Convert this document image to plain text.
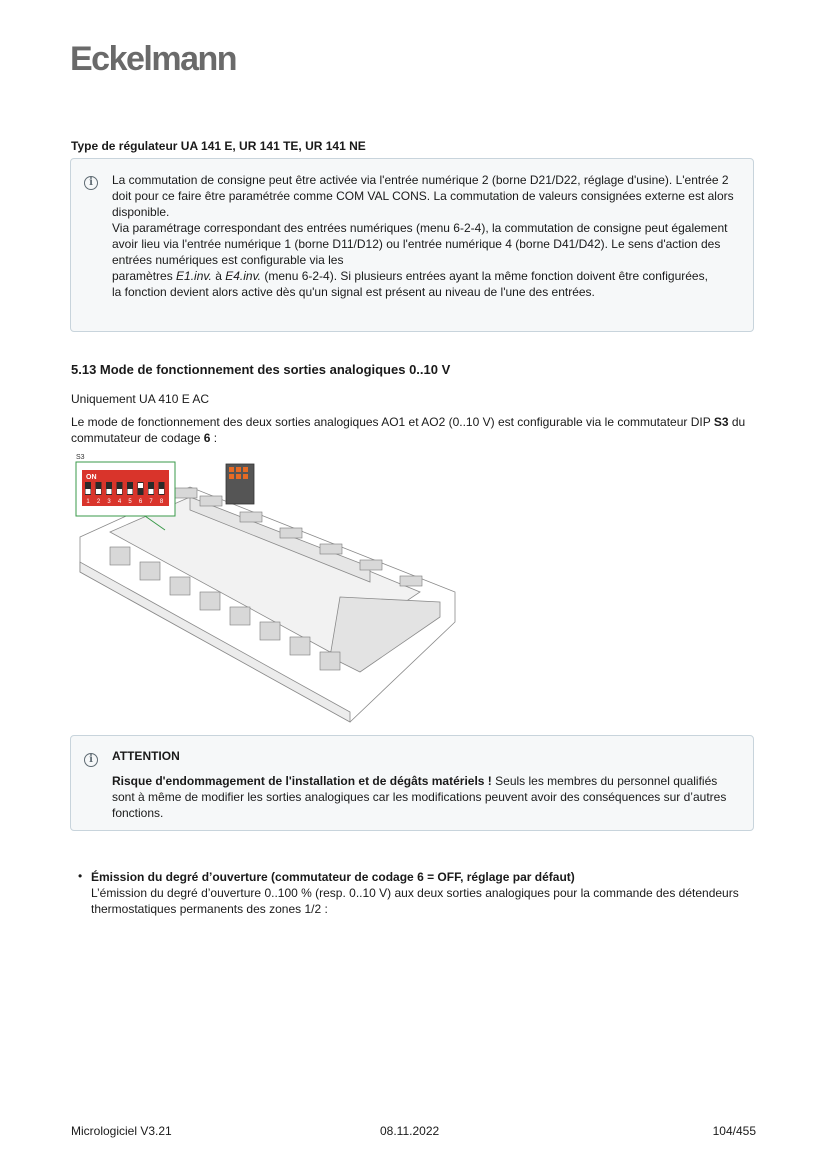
Eckelmann
Type de régulateur UA 141 E, UR 141 TE, UR 141 NE
i	La commutation de consigne peut être activée via l'entrée numérique 2 (borne D21/D22, réglage d'usine). L'entrée 2 doit pour ce faire être paramétrée comme COM VAL CONS. La commutation de valeurs consignées externe est alors disponible.

Via paramétrage correspondant des entrées numériques (menu 6-2-4), la commutation de consigne peut également avoir lieu via l'entrée numérique 1 (borne D11/D12) ou l'entrée numérique 4 (borne D41/D42). Le sens d'action des entrées numériques est configurable via les

paramètres E1.inv. à E4.inv. (menu 6-2-4). Si plusieurs entrées ayant la même fonction doivent être configurées,

la fonction devient alors active dès qu'un signal est présent au niveau de l'une des entrées.

5.13 Mode de fonctionnement des sorties analogiques 0..10 V
Uniquement UA 410 E AC
Le mode de fonctionnement des deux sorties analogiques AO1 et AO2 (0..10 V) est configurable via le commutateur DIP S3 du commutateur de codage 6 :
S3
ON
1 2 3 4 5 6 7 8
i	ATTENTION
Risque d'endommagement de l'installation et de dégâts matériels ! Seuls les membres du personnel qualifiés sont à même de modifier les sorties analogiques car les modifications peuvent avoir des conséquences sur d’autres fonctions.
• Émission du degré d’ouverture (commutateur de codage 6 = OFF, réglage par défaut)
L’émission du degré d’ouverture 0..100 % (resp. 0..10 V) aux deux sorties analogiques pour la commande des détendeurs thermostatiques permanents des zones 1/2 :
Micrologiciel V3.21	08.11.2022	104/455
